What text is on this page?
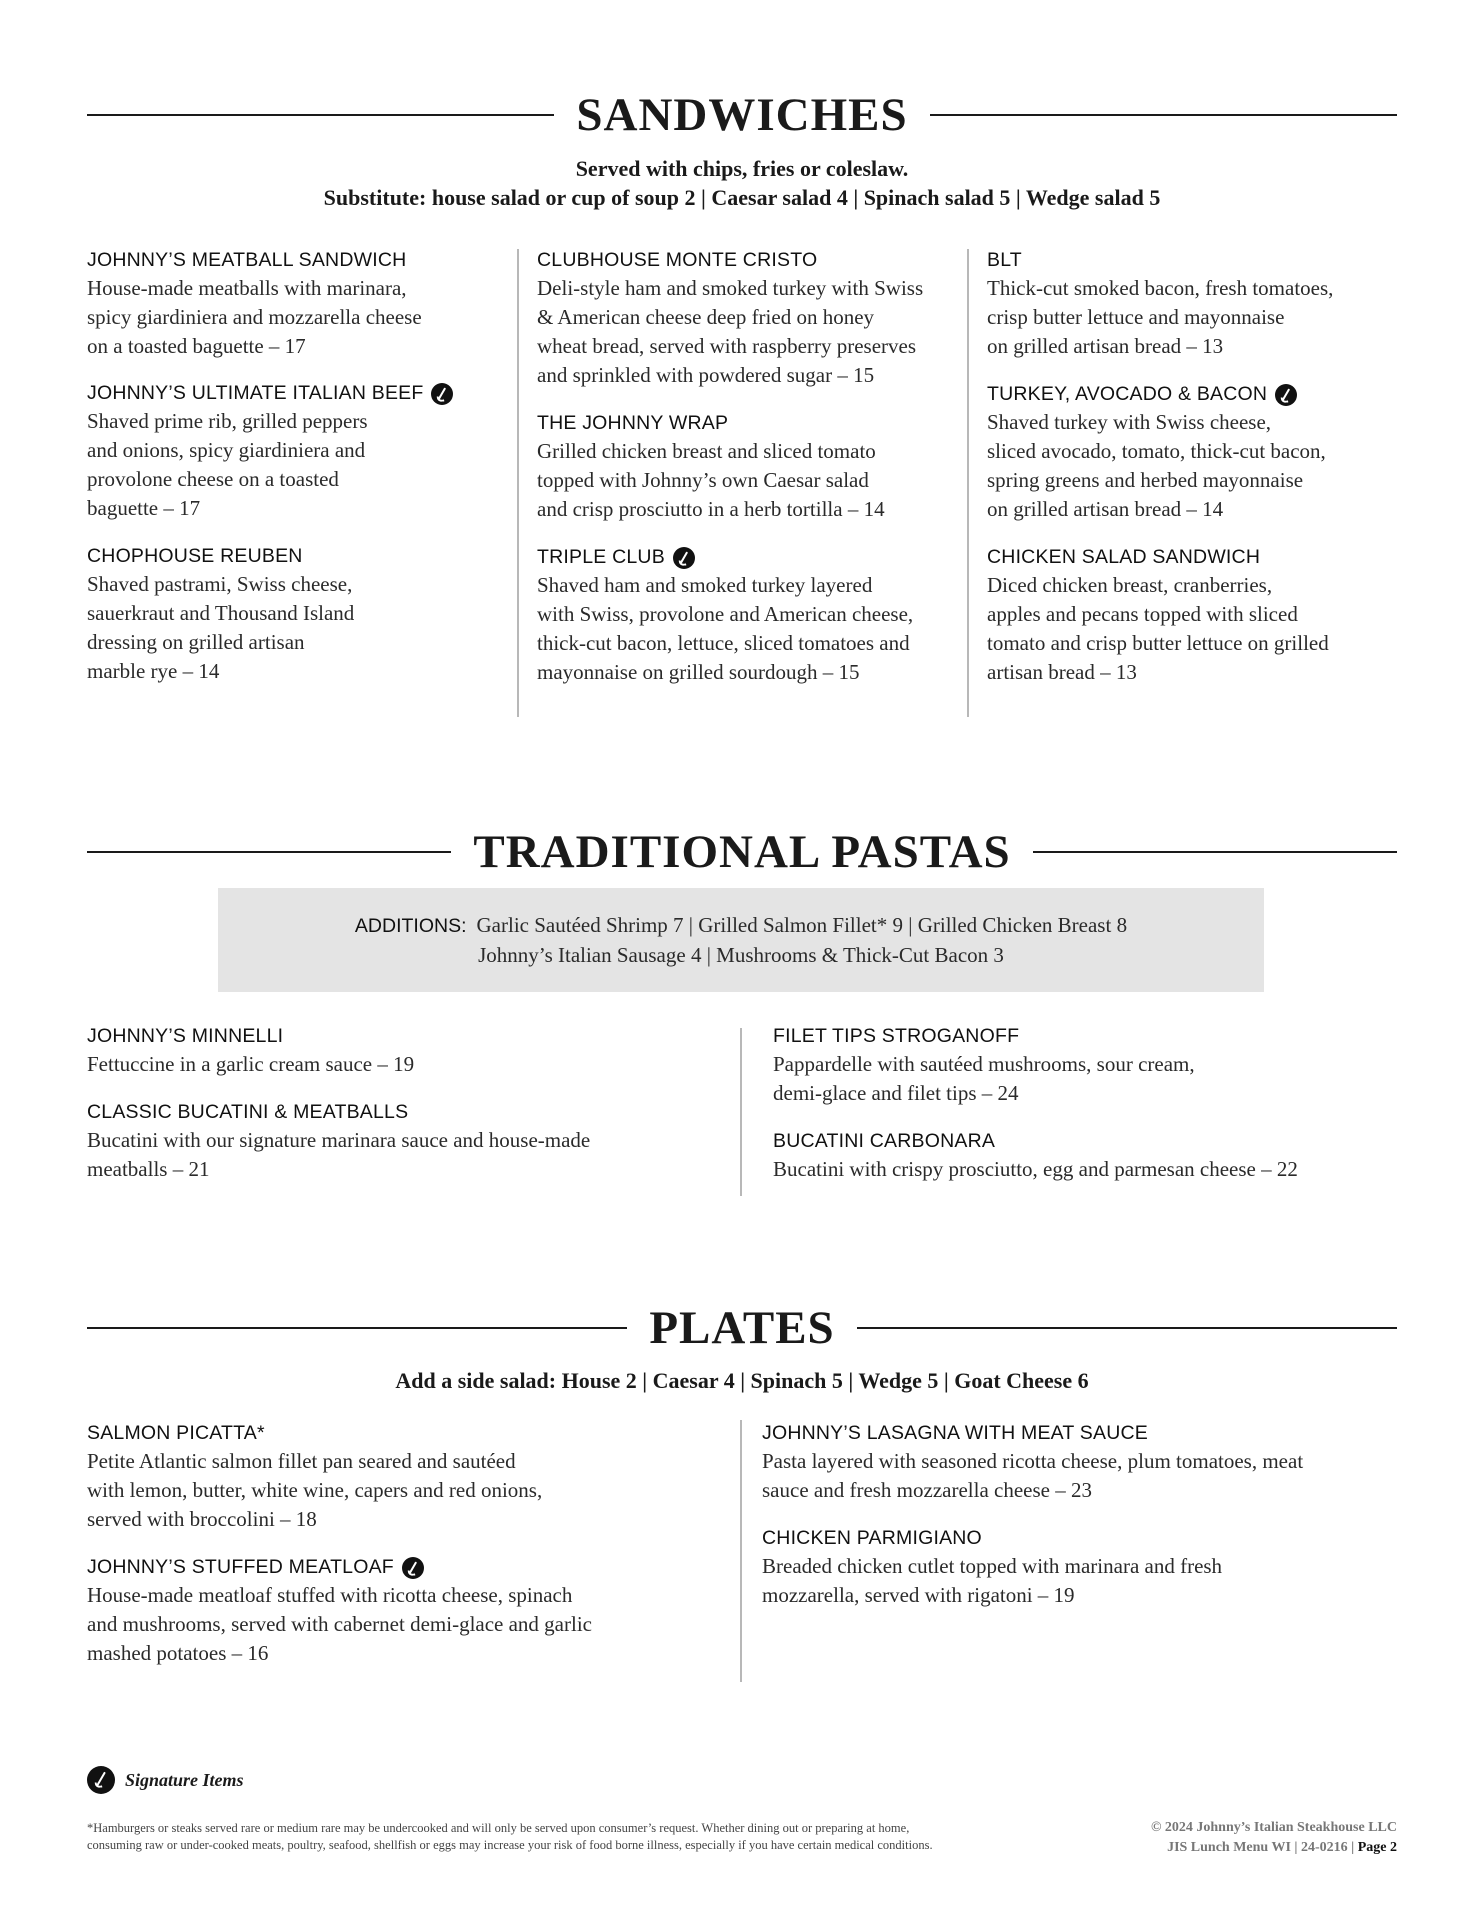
SANDWICHES
Served with chips, fries or coleslaw.
Substitute: house salad or cup of soup 2 | Caesar salad 4 | Spinach salad 5 | Wedge salad 5
JOHNNY’S MEATBALL SANDWICH
House-made meatballs with marinara,
spicy giardiniera and mozzarella cheese
on a toasted baguette – 17
JOHNNY’S ULTIMATE ITALIAN BEEF
Shaved prime rib, grilled peppers
and onions, spicy giardiniera and
provolone cheese on a toasted
baguette – 17
CHOPHOUSE REUBEN
Shaved pastrami, Swiss cheese,
sauerkraut and Thousand Island
dressing on grilled artisan
marble rye – 14
CLUBHOUSE MONTE CRISTO
Deli-style ham and smoked turkey with Swiss
& American cheese deep fried on honey
wheat bread, served with raspberry preserves
and sprinkled with powdered sugar – 15
THE JOHNNY WRAP
Grilled chicken breast and sliced tomato
topped with Johnny’s own Caesar salad
and crisp prosciutto in a herb tortilla – 14
TRIPLE CLUB
Shaved ham and smoked turkey layered
with Swiss, provolone and American cheese,
thick-cut bacon, lettuce, sliced tomatoes and
mayonnaise on grilled sourdough – 15
BLT
Thick-cut smoked bacon, fresh tomatoes,
crisp butter lettuce and mayonnaise
on grilled artisan bread – 13
TURKEY, AVOCADO & BACON
Shaved turkey with Swiss cheese,
sliced avocado, tomato, thick-cut bacon,
spring greens and herbed mayonnaise
on grilled artisan bread – 14
CHICKEN SALAD SANDWICH
Diced chicken breast, cranberries,
apples and pecans topped with sliced
tomato and crisp butter lettuce on grilled
artisan bread – 13
TRADITIONAL PASTAS
ADDITIONS: Garlic Sautéed Shrimp 7 | Grilled Salmon Fillet* 9 | Grilled Chicken Breast 8
Johnny’s Italian Sausage 4 | Mushrooms & Thick-Cut Bacon 3
JOHNNY’S MINNELLI
Fettuccine in a garlic cream sauce – 19
CLASSIC BUCATINI & MEATBALLS
Bucatini with our signature marinara sauce and house-made
meatballs – 21
FILET TIPS STROGANOFF
Pappardelle with sautéed mushrooms, sour cream,
demi-glace and filet tips – 24
BUCATINI CARBONARA
Bucatini with crispy prosciutto, egg and parmesan cheese – 22
PLATES
Add a side salad: House 2 | Caesar 4 | Spinach 5 | Wedge 5 | Goat Cheese 6
SALMON PICATTA*
Petite Atlantic salmon fillet pan seared and sautéed
with lemon, butter, white wine, capers and red onions,
served with broccolini – 18
JOHNNY’S STUFFED MEATLOAF
House-made meatloaf stuffed with ricotta cheese, spinach
and mushrooms, served with cabernet demi-glace and garlic
mashed potatoes – 16
JOHNNY’S LASAGNA WITH MEAT SAUCE
Pasta layered with seasoned ricotta cheese, plum tomatoes, meat
sauce and fresh mozzarella cheese – 23
CHICKEN PARMIGIANO
Breaded chicken cutlet topped with marinara and fresh
mozzarella, served with rigatoni – 19
Signature Items
*Hamburgers or steaks served rare or medium rare may be undercooked and will only be served upon consumer’s request. Whether dining out or preparing at home,
consuming raw or under-cooked meats, poultry, seafood, shellfish or eggs may increase your risk of food borne illness, especially if you have certain medical conditions.
© 2024 Johnny’s Italian Steakhouse LLC
JIS Lunch Menu WI | 24-0216 | Page 2
